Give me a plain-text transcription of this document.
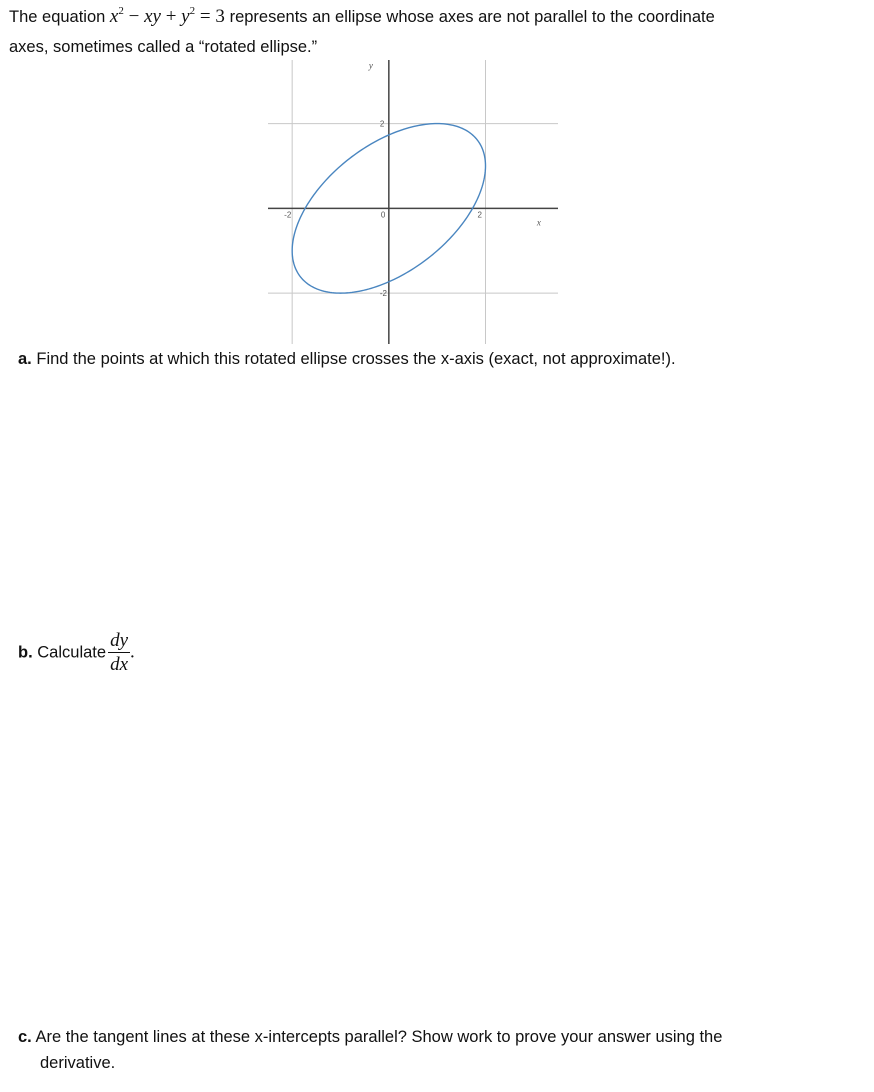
The equation $x^2$ − xy + $y^2 = 3$ represents an ellipse whose axes are not parallel to the coordinate
axes, sometimes called a “rotated ellipse.”
-2	0	2
2
-2
x
y
a. Find the points at which this rotated ellipse crosses the x-axis (exact, not approximate!).
b. Calculate $\frac{dy}{dx}$ .
c. Are the tangent lines at these x-intercepts parallel? Show work to prove your answer using the
derivative.
